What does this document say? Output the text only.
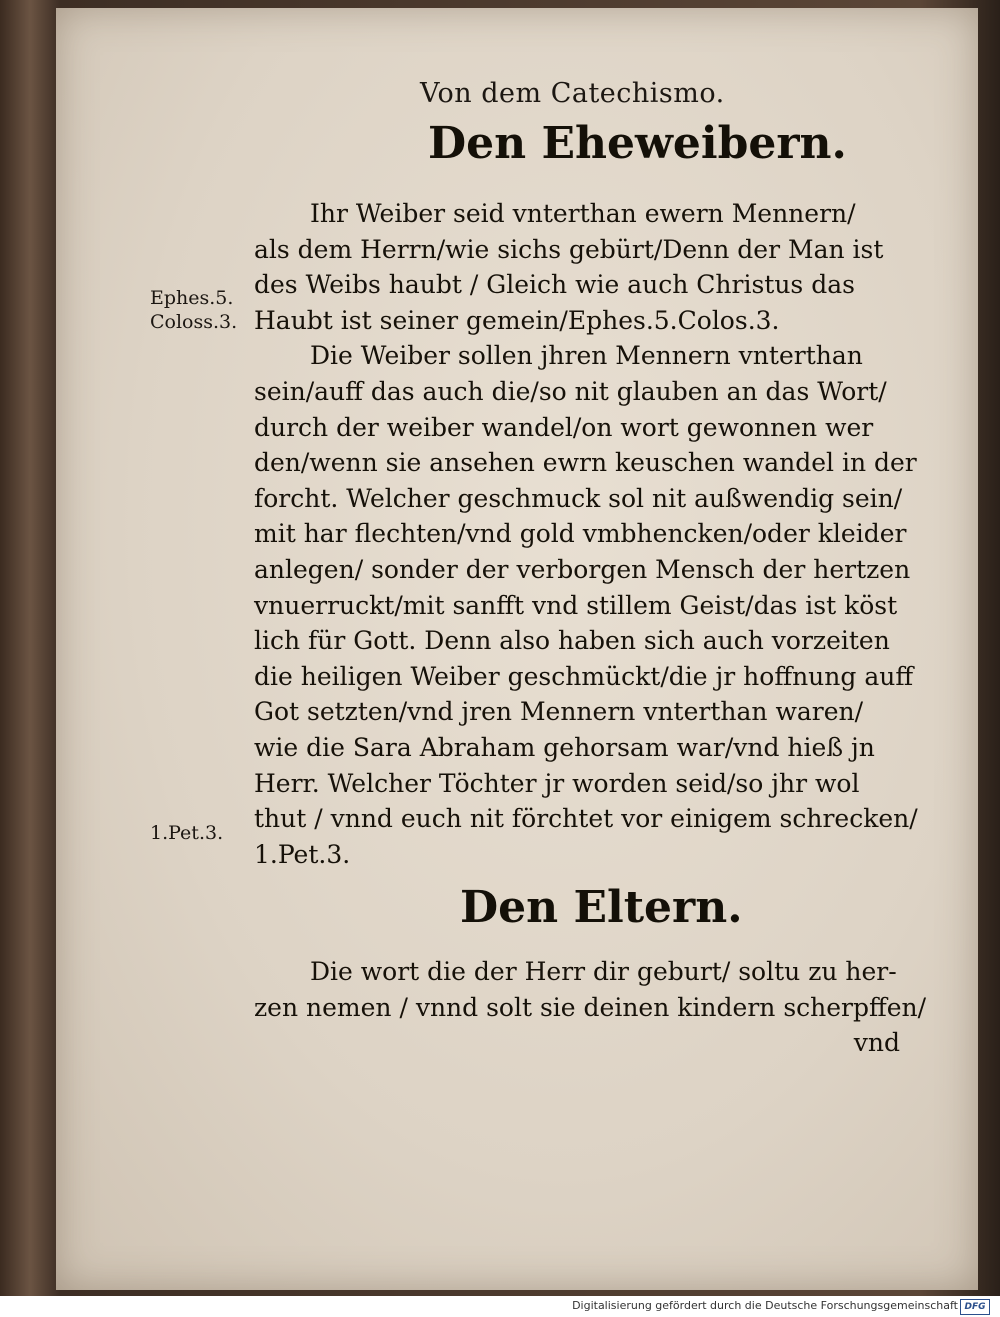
Von dem Catechismo.
Den Eheweibern.
Ihr Weiber seid vnterthan ewern Mennern/
als dem Herrn/wie sichs gebürt/Denn der Man ist
des Weibs haubt / Gleich wie auch Christus das
Haubt ist seiner gemein/Ephes.5.Colos.3.
Die Weiber sollen jhren Mennern vnterthan
sein/auff das auch die/so nit glauben an das Wort/
durch der weiber wandel/on wort gewonnen wer
den/wenn sie ansehen ewrn keuschen wandel in der
forcht. Welcher geschmuck sol nit außwendig sein/
mit har flechten/vnd gold vmbhencken/oder kleider
anlegen/ sonder der verborgen Mensch der hertzen
vnuerruckt/mit sanfft vnd stillem Geist/das ist köst
lich für Gott. Denn also haben sich auch vorzeiten
die heiligen Weiber geschmückt/die jr hoffnung auff
Got setzten/vnd jren Mennern vnterthan waren/
wie die Sara Abraham gehorsam war/vnd hieß jn
Herr. Welcher Töchter jr worden seid/so jhr wol
thut / vnnd euch nit förchtet vor einigem schrecken/
1.Pet.3.
Ephes.5.
Coloss.3.
1.Pet.3.
Den Eltern.
Die wort die der Herr dir geburt/ soltu zu her-
zen nemen / vnnd solt sie deinen kindern scherpffen/
vnd
Digitalisierung gefördert durch die Deutsche Forschungsgemeinschaft DFG
